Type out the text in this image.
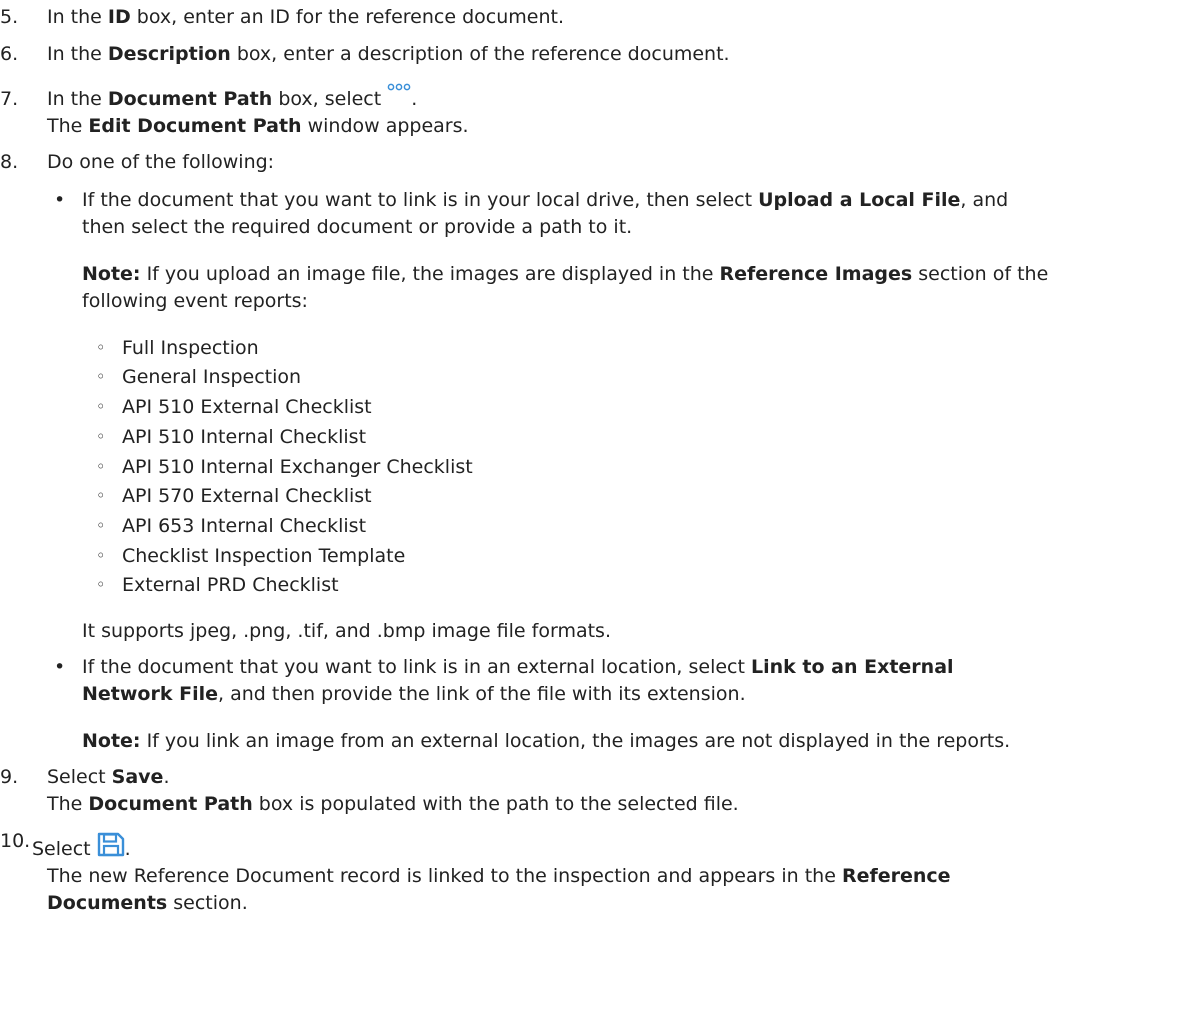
5. In the ID box, enter an ID for the reference document.
6. In the Description box, enter a description of the reference document.
7. In the Document Path box, select .
The Edit Document Path window appears.
8. Do one of the following:
• If the document that you want to link is in your local drive, then select Upload a Local File, and
then select the required document or provide a path to it.
Note: If you upload an image file, the images are displayed in the Reference Images section of the
following event reports:
◦ Full Inspection
◦ General Inspection
◦ API 510 External Checklist
◦ API 510 Internal Checklist
◦ API 510 Internal Exchanger Checklist
◦ API 570 External Checklist
◦ API 653 Internal Checklist
◦ Checklist Inspection Template
◦ External PRD Checklist
It supports jpeg, .png, .tif, and .bmp image file formats.
• If the document that you want to link is in an external location, select Link to an External
Network File, and then provide the link of the file with its extension.
Note: If you link an image from an external location, the images are not displayed in the reports.
9. Select Save.
The Document Path box is populated with the path to the selected file.
10. Select .
The new Reference Document record is linked to the inspection and appears in the Reference
Documents section.
